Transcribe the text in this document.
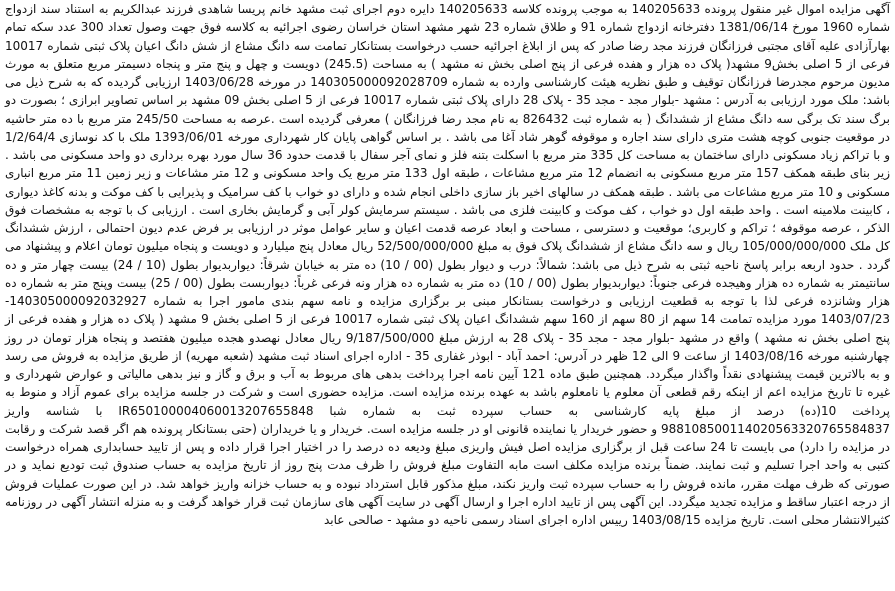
آگهی مزایده اموال غیر منقول پرونده 140205633 به موجب پرونده کلاسه 140205633 دایره دوم اجرای ثبت مشهد خانم پریسا شاهدی فرزند عبدالکریم به استناد سند ازدواج شماره 1960 مورخ 1381/06/14 دفترخانه ازدواج شماره 91 و طلاق شماره 23 شهر مشهد استان خراسان رضوی اجرائیه به کلاسه فوق جهت وصول تعداد 300 عدد سکه تمام بهارآزادی علیه آقای مجتبی فرزانگان فرزند مجد رضا صادر که پس از ابلاغ اجرائیه حسب درخواست بستانکار تمامت سه دانگ مشاع از شش دانگ اعیان پلاک ثبتی شماره 10017 فرعی از 5 اصلی بخش9 مشهد( پلاک ده هزار و هفده فرعی از پنج اصلی بخش نه مشهد ) به مساحت (245.5) دویست و چهل و پنج متر و پنجاه دسیمتر مربع متعلق به مورث مدیون مرحوم مجدرضا فرزانگان توقیف و طبق نظریه هیئت کارشناسی وارده به شماره 140305000092028709 در مورخه 1403/06/28 ارزیابی گردیده که به شرح ذیل می باشد: ملک مورد ارزیابی به آدرس : مشهد -بلوار مجد - مجد 35 - پلاک 28 دارای پلاک ثبتی شماره 10017 فرعی از 5 اصلی بخش 09 مشهد بر اساس تصاویر ابرازی ؛ بصورت دو برگ سند تک برگی سه دانگ مشاع از ششدانگ ( به شماره ثبت 826432 به نام مجد رضا فرزانگان ) معرفی گردیده است .عرصه به مساحت 245/50 متر مربع با ده متر حاشیه در موقعیت جنوبی کوچه هشت متری دارای سند اجاره و موقوفه گوهر شاد آغا می باشد . بر اساس گواهی پایان کار شهرداری مورخه 1393/06/01 ملک با کد نوسازی 1/2/64/4 و با تراکم زیاد مسکونی دارای ساختمان به مساحت کل 335 متر مربع با اسکلت بتنه فلز و نمای آجر سفال با قدمت حدود 36 سال مورد بهره برداری دو واحد مسکونی می باشد . زیر بنای طبقه همکف 157 متر مربع مسکونی به انضمام 12 متر مربع مشاعات ، طبقه اول 133 متر مربع یک واحد مسکونی و 12 متر مشاعات و زیر زمین 11 متر مربع انباری مسکونی و 10 متر مربع مشاعات می باشد . طبقه همکف در سالهای اخیر باز سازی داخلی انجام شده و دارای دو خواب با کف سرامیک و پذیرایی با کف موکت و بدنه کاغذ دیواری ، کابینت ملامینه است . واحد طبقه اول دو خواب ، کف موکت و کابینت فلزی می باشد . سیستم سرمایش کولر آبی و گرمایش بخاری است . ارزیابی ک با توجه به مشخصات فوق الذکر ، عرصه موقوفه ؛ تراکم و کاربری؛ موقعیت و دسترسی ، مساحت و ابعاد عرصه قدمت اعیان و سایر عوامل موثر در ارزیابی بر فرض عدم دیون احتمالی ، ارزش ششدانگ کل ملک 105/000/000/000 ریال و سه دانگ مشاع از ششدانگ پلاک فوق به مبلغ 52/500/000/000 ریال معادل پنج میلیارد و دویست و پنجاه میلیون تومان اعلام و پیشنهاد می گردد . حدود اربعه برابر پاسخ ناحیه ثبتی به شرح ذیل می باشد: شمالاً: درب و دیوار بطول (00 / 10) ده متر به خیابان شرقاً: دیواربدیوار بطول (10 / 24) بیست چهار متر و ده سانتیمتر به شماره ده هزار وهیجده فرعی جنوباً: دیواربدیوار بطول (00 / 10) ده متر به شماره ده هزار ونه فرعی غرباً: دیواربست بطول (00 / 25) بیست وپنج متر به شماره ده هزار وشانزده فرعی لذا با توجه به قطعیت ارزیابی و درخواست بستانکار مبنی بر برگزاری مزایده و نامه سهم بندی مامور اجرا به شماره 140305000092032927- 1403/07/23 مورد مزایده تمامت 14 سهم از 80 سهم از 160 سهم ششدانگ اعیان پلاک ثبتی شماره 10017 فرعی از 5 اصلی بخش 9 مشهد ( پلاک ده هزار و هفده فرعی از پنج اصلی بخش نه مشهد ) واقع در مشهد -بلوار مجد - مجد 35 - پلاک 28 به ارزش مبلغ 9/187/500/000 ریال معادل نهصدو هجده میلیون هفتصد و پنجاه هزار تومان در روز چهارشنبه مورخه 1403/08/16 از ساعت 9 الی 12 ظهر در آدرس: احمد آباد - ابوذر غفاری 35 - اداره اجرای اسناد ثبت مشهد (شعبه مهریه) از طریق مزایده به فروش می رسد و به بالاترین قیمت پیشنهادی نقداً واگذار میگردد. همچنین طبق ماده 121 آیین نامه اجرا پرداخت بدهی های مربوط به آب و برق و گاز و نیز بدهی مالیاتی و عوارض شهرداری و غیره تا تاریخ مزایده اعم از اینکه رقم قطعی آن معلوم یا نامعلوم باشد به عهده برنده مزایده است. مزایده حضوری است و شرکت در جلسه مزایده برای عموم آزاد و منوط به پرداخت 10(ده) درصد از مبلغ پایه کارشناسی به حساب سپرده ثبت به شماره شبا IR650100004060013207655848 با شناسه واریز 988108500114020563320765584837 و حضور خریدار یا نماینده قانونی او در جلسه مزایده است. خریدار و یا خریداران (حتی بستانکار پرونده هم اگر قصد شرکت و رقابت در مزایده را دارد) می بایست تا 24 ساعت قبل از برگزاری مزایده اصل فیش واریزی مبلغ ودیعه ده درصد را در اختیار اجرا قرار داده و پس از تایید حسابداری همراه درخواست کتبی به واحد اجرا تسلیم و ثبت نمایند. ضمناً برنده مزایده مکلف است مابه التفاوت مبلغ فروش را ظرف مدت پنج روز از تاریخ مزایده به حساب صندوق ثبت تودیع نماید و در صورتی که ظرف مهلت مقرر، مانده فروش را به حساب سپرده ثبت واریز نکند، مبلغ مذکور قابل استرداد نبوده و به حساب خزانه واریز خواهد شد. در این صورت عملیات فروش از درجه اعتبار ساقط و مزایده تجدید میگردد. این آگهی پس از تایید اداره اجرا و ارسال آگهی در سایت آگهی های سازمان ثبت قرار خواهد گرفت و به منزله انتشار آگهی در روزنامه کثیرالانتشار محلی است. تاریخ مزایده 1403/08/15 رییس اداره اجرای اسناد رسمی ناحیه دو مشهد - صالحی عابد
